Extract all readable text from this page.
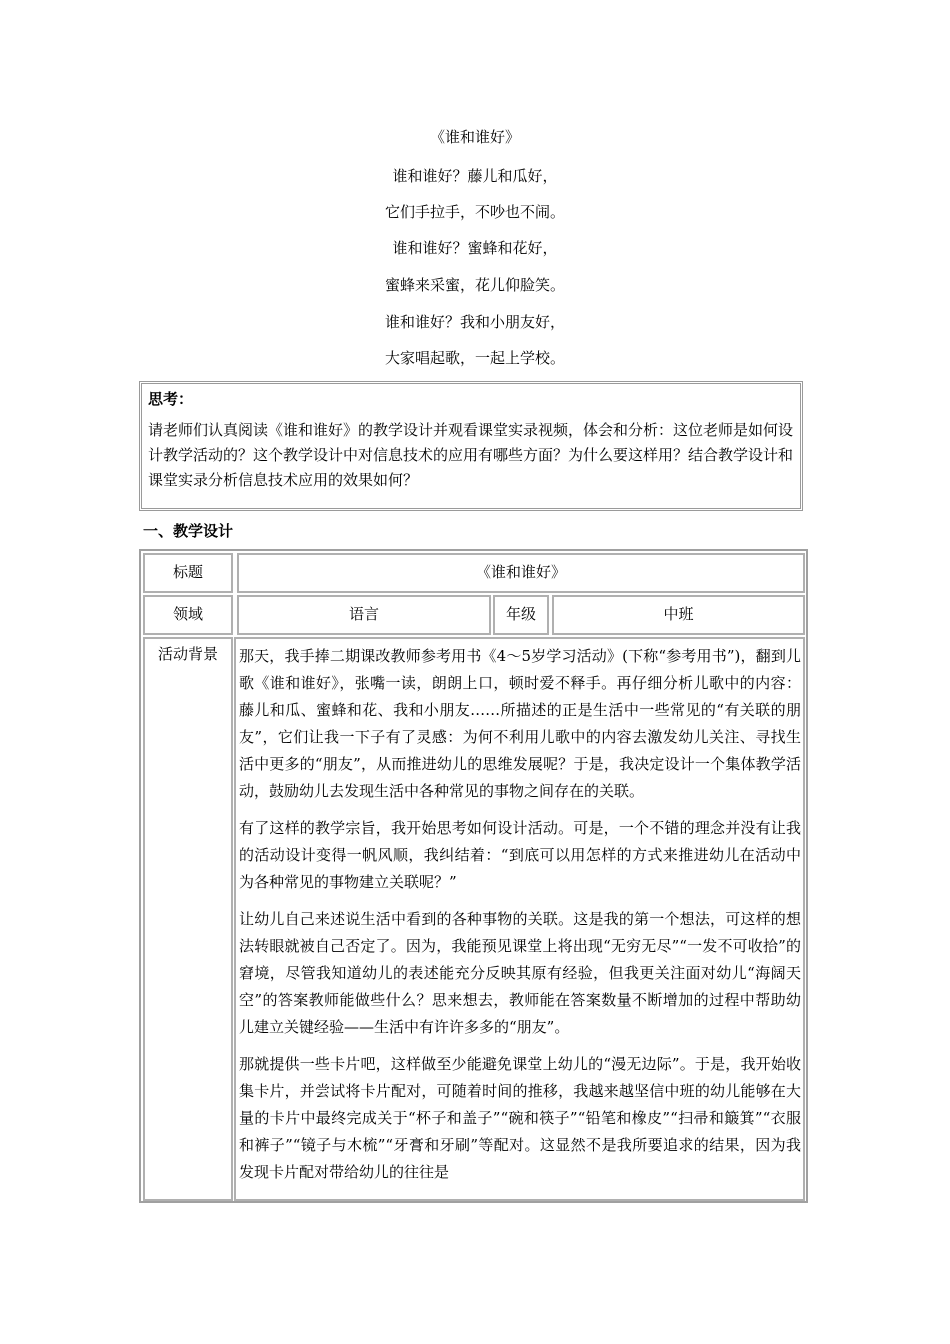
《谁和谁好》
谁和谁好？藤儿和瓜好，
它们手拉手，不吵也不闹。
谁和谁好？蜜蜂和花好，
蜜蜂来采蜜，花儿仰脸笑。
谁和谁好？我和小朋友好，
大家唱起歌，一起上学校。
思考：
请老师们认真阅读《谁和谁好》的教学设计并观看课堂实录视频，体会和分析：这位老师是如何设计教学活动的？这个教学设计中对信息技术的应用有哪些方面？为什么要这样用？结合教学设计和课堂实录分析信息技术应用的效果如何？
一、教学设计
标题	《谁和谁好》
领域	语言	年级	中班
活动背景	那天，我手捧二期课改教师参考用书《4～5岁学习活动》(下称“参考用书”)，翻到儿歌《谁和谁好》，张嘴一读，朗朗上口，顿时爱不释手。再仔细分析儿歌中的内容：藤儿和瓜、蜜蜂和花、我和小朋友……所描述的正是生活中一些常见的“有关联的朋友”，它们让我一下子有了灵感：为何不利用儿歌中的内容去激发幼儿关注、寻找生活中更多的“朋友”，从而推进幼儿的思维发展呢？于是，我决定设计一个集体教学活动，鼓励幼儿去发现生活中各种常见的事物之间存在的关联。

有了这样的教学宗旨，我开始思考如何设计活动。可是，一个不错的理念并没有让我的活动设计变得一帆风顺，我纠结着：“到底可以用怎样的方式来推进幼儿在活动中为各种常见的事物建立关联呢？”

让幼儿自己来述说生活中看到的各种事物的关联。这是我的第一个想法，可这样的想法转眼就被自己否定了。因为，我能预见课堂上将出现“无穷无尽”“一发不可收拾”的窘境，尽管我知道幼儿的表述能充分反映其原有经验，但我更关注面对幼儿“海阔天空”的答案教师能做些什么？思来想去，教师能在答案数量不断增加的过程中帮助幼儿建立关键经验——生活中有许许多多的“朋友”。

那就提供一些卡片吧，这样做至少能避免课堂上幼儿的“漫无边际”。于是，我开始收集卡片，并尝试将卡片配对，可随着时间的推移，我越来越坚信中班的幼儿能够在大量的卡片中最终完成关于“杯子和盖子”“碗和筷子”“铅笔和橡皮”“扫帚和簸箕”“衣服和裤子”“镜子与木梳”“牙膏和牙刷”等配对。这显然不是我所要追求的结果，因为我发现卡片配对带给幼儿的往往是
